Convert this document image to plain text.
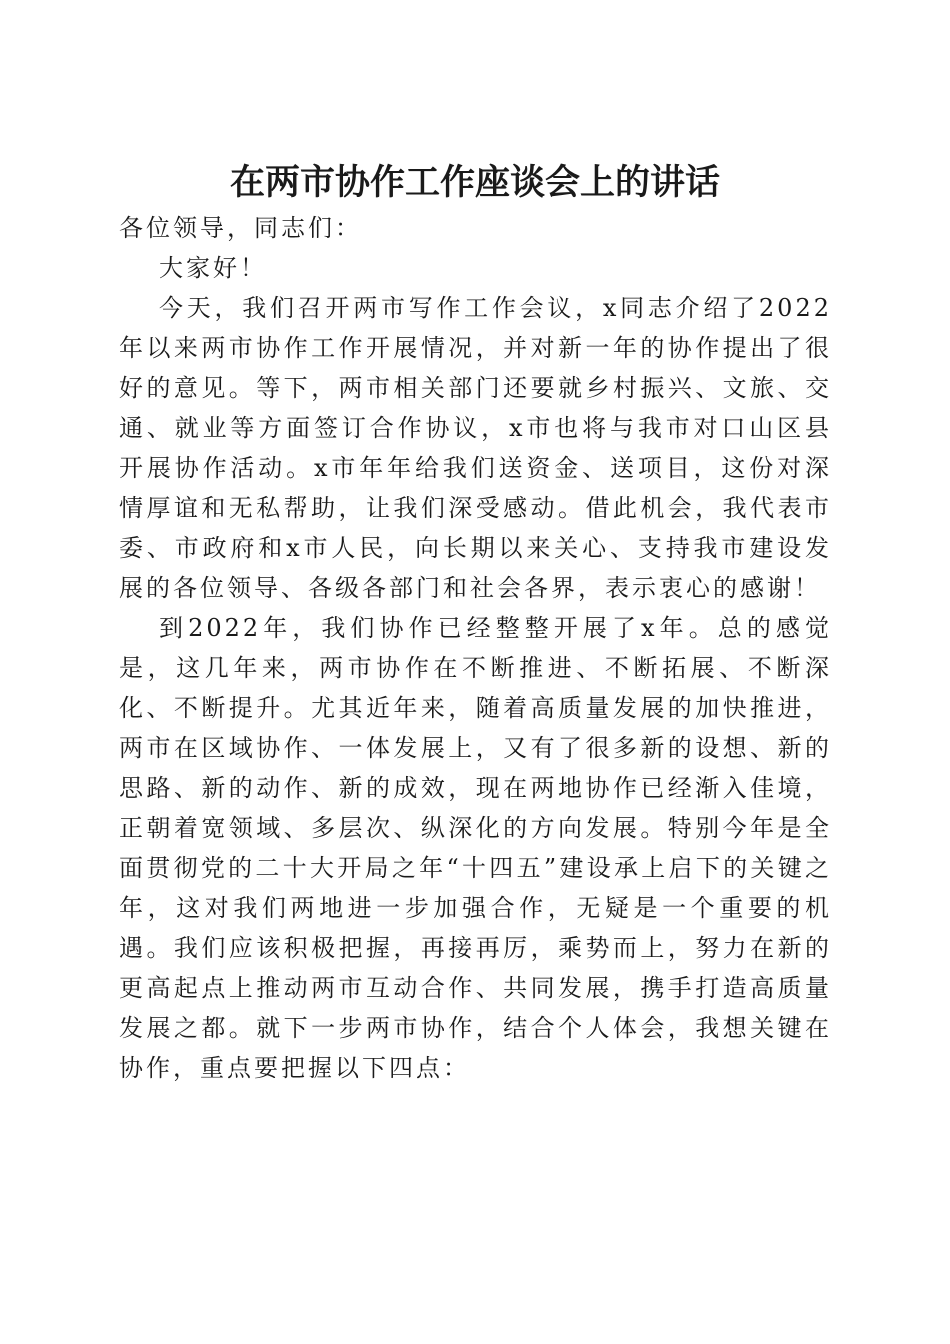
在两市协作工作座谈会上的讲话

各位领导，同志们：

大家好！

今天，我们召开两市写作工作会议，x同志介绍了2022年以来两市协作工作开展情况，并对新一年的协作提出了很好的意见。等下，两市相关部门还要就乡村振兴、文旅、交通、就业等方面签订合作协议，x市也将与我市对口山区县开展协作活动。x市年年给我们送资金、送项目，这份对深情厚谊和无私帮助，让我们深受感动。借此机会，我代表市委、市政府和x市人民，向长期以来关心、支持我市建设发展的各位领导、各级各部门和社会各界，表示衷心的感谢！

到2022年，我们协作已经整整开展了x年。总的感觉是，这几年来，两市协作在不断推进、不断拓展、不断深化、不断提升。尤其近年来，随着高质量发展的加快推进，两市在区域协作、一体发展上，又有了很多新的设想、新的思路、新的动作、新的成效，现在两地协作已经渐入佳境，正朝着宽领域、多层次、纵深化的方向发展。特别今年是全面贯彻党的二十大开局之年“十四五”建设承上启下的关键之年，这对我们两地进一步加强合作，无疑是一个重要的机遇。我们应该积极把握，再接再厉，乘势而上，努力在新的更高起点上推动两市互动合作、共同发展，携手打造高质量发展之都。就下一步两市协作，结合个人体会，我想关键在协作，重点要把握以下四点：
